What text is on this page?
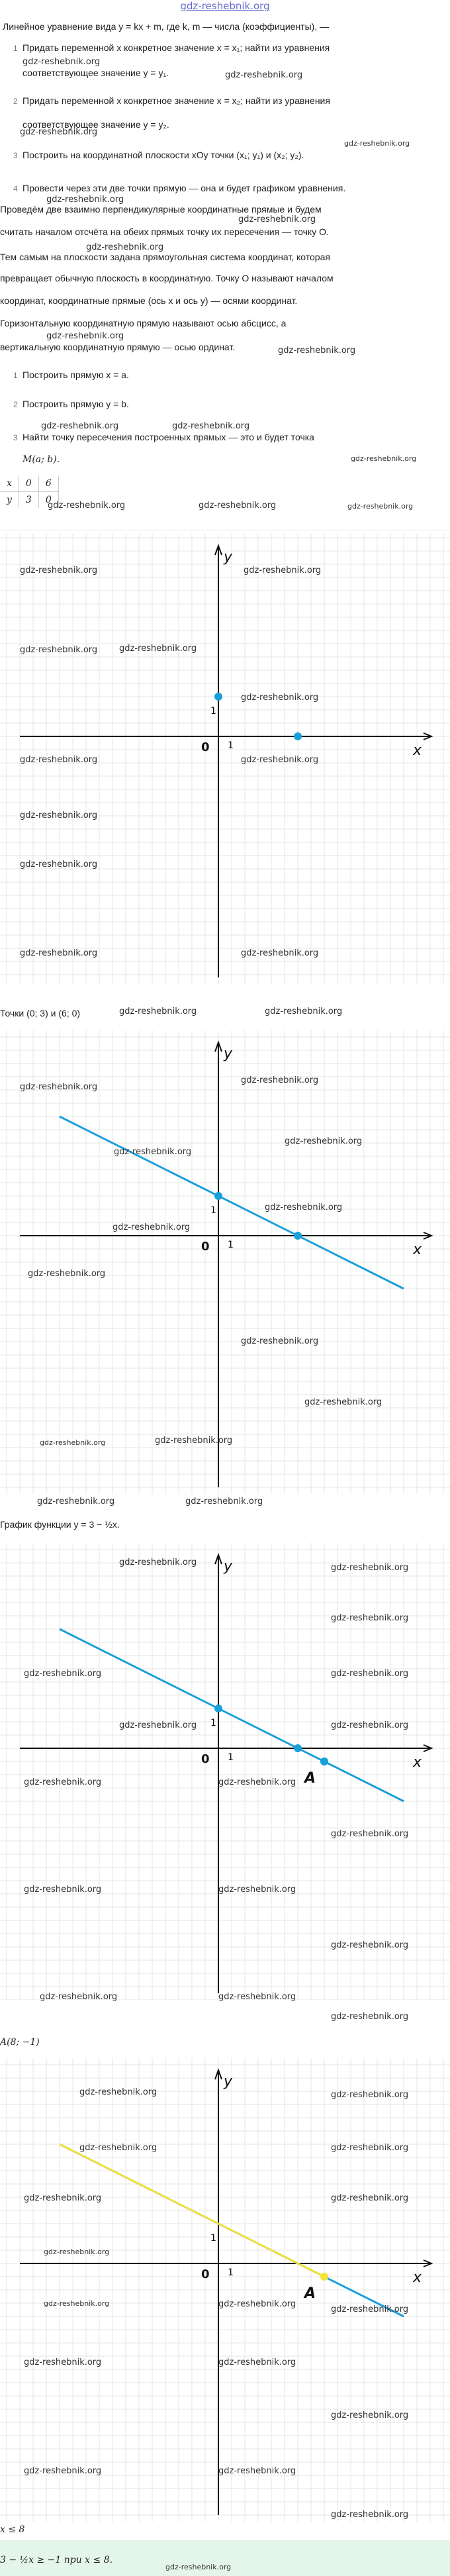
gdz-reshebnik.org
Линейное уравнение вида y = kx + m, где k, m — числа (коэффициенты), —
1 Придать переменной x конкретное значение x = x₁; найти из уравнения
соответствующее значение y = y₁.
2 Придать переменной x конкретное значение x = x₂; найти из уравнения
соответствующее значение y = y₂.
3 Построить на координатной плоскости xOy точки (x₁; y₁) и (x₂; y₂).
4 Провести через эти две точки прямую — она и будет графиком уравнения.
Проведём две взаимно перпендикулярные координатные прямые и будем
считать началом отсчёта на обеих прямых точку их пересечения — точку O.
Тем самым на плоскости задана прямоугольная система координат, которая
превращает обычную плоскость в координатную. Точку O называют началом
координат, координатные прямые (ось x и ось y) — осями координат.
Горизонтальную координатную прямую называют осью абсцисс, а
вертикальную координатную прямую — осью ординат.
1 Построить прямую x = a.
2 Построить прямую y = b.
3 Найти точку пересечения построенных прямых — это и будет точка
M(a; b).
x	0	6
y	3	0
x
y
0 1
1
Точки (0; 3) и (6; 0)
x
y
0 1
1
График функции y = 3 − ½x.
x
y
0 1
1
A
A(8; −1)
x
y
0 1
1
A
x ≤ 8
3 − ½x ≥ −1 при x ≤ 8.
gdz-reshebnik.org
gdz-reshebnik.org
gdz-reshebnik.org
gdz-reshebnik.org
gdz-reshebnik.org
gdz-reshebnik.org
gdz-reshebnik.org
gdz-reshebnik.org
gdz-reshebnik.org
gdz-reshebnik.org	gdz-reshebnik.org
gdz-reshebnik.org
gdz-reshebnik.org	gdz-reshebnik.org	gdz-reshebnik.org
gdz-reshebnik.org	gdz-reshebnik.org
gdz-reshebnik.org	gdz-reshebnik.org
gdz-reshebnik.org
gdz-reshebnik.org	gdz-reshebnik.org
gdz-reshebnik.org
gdz-reshebnik.org
gdz-reshebnik.org	gdz-reshebnik.org
gdz-reshebnik.org	gdz-reshebnik.org
gdz-reshebnik.org
gdz-reshebnik.org
gdz-reshebnik.org
gdz-reshebnik.org
gdz-reshebnik.org
gdz-reshebnik.org
gdz-reshebnik.org
gdz-reshebnik.org
gdz-reshebnik.org
gdz-reshebnik.org	gdz-reshebnik.org
gdz-reshebnik.org	gdz-reshebnik.org
gdz-reshebnik.org
gdz-reshebnik.org
gdz-reshebnik.org
gdz-reshebnik.org	gdz-reshebnik.org
gdz-reshebnik.org	gdz-reshebnik.org
gdz-reshebnik.org	gdz-reshebnik.org
gdz-reshebnik.org
gdz-reshebnik.org	gdz-reshebnik.org
gdz-reshebnik.org
gdz-reshebnik.org	gdz-reshebnik.org
gdz-reshebnik.org
gdz-reshebnik.org	gdz-reshebnik.org
gdz-reshebnik.org	gdz-reshebnik.org
gdz-reshebnik.org	gdz-reshebnik.org
gdz-reshebnik.org
gdz-reshebnik.org	gdz-reshebnik.org
gdz-reshebnik.org
gdz-reshebnik.org	gdz-reshebnik.org
gdz-reshebnik.org
gdz-reshebnik.org	gdz-reshebnik.org
gdz-reshebnik.org
gdz-reshebnik.org
